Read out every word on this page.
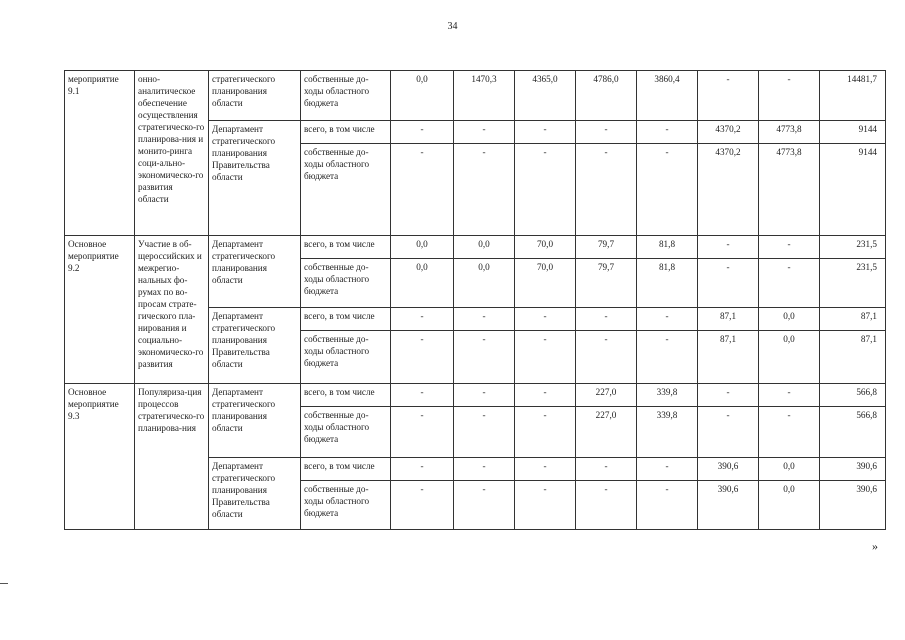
34
мероприятие 9.1	онно-аналитическое обеспечение осуществления стратегическо-го планирова-ния и монито-ринга соци-ально-экономическо-го развития области	стратегического планирования области	собственные до-ходы областного бюджета	0,0	1470,3	4365,0	4786,0	3860,4	-	-	14481,7
		Департамент стратегического планирования Правительства области	всего, в том числе	-	-	-	-	-	4370,2	4773,8	9144
			собственные до-ходы областного бюджета	-	-	-	-	-	4370,2	4773,8	9144
Основное мероприятие 9.2	Участие в об-щероссийских и межрегио-нальных фо-румах по во-просам страте-гического пла-нирования и социально-экономическо-го развития	Департамент стратегического планирования области	всего, в том числе	0,0	0,0	70,0	79,7	81,8	-	-	231,5
			собственные до-ходы областного бюджета	0,0	0,0	70,0	79,7	81,8	-	-	231,5
		Департамент стратегического планирования Правительства области	всего, в том числе	-	-	-	-	-	87,1	0,0	87,1
			собственные до-ходы областного бюджета	-	-	-	-	-	87,1	0,0	87,1
Основное мероприятие 9.3	Популяриза-ция процессов стратегическо-го планирова-ния	Департамент стратегического планирования области	всего, в том числе	-	-	-	227,0	339,8	-	-	566,8
			собственные до-ходы областного бюджета	-	-	-	227,0	339,8	-	-	566,8
		Департамент стратегического планирования Правительства области	всего, в том числе	-	-	-	-	-	390,6	0,0	390,6
			собственные до-ходы областного бюджета	-	-	-	-	-	390,6	0,0	390,6
»
